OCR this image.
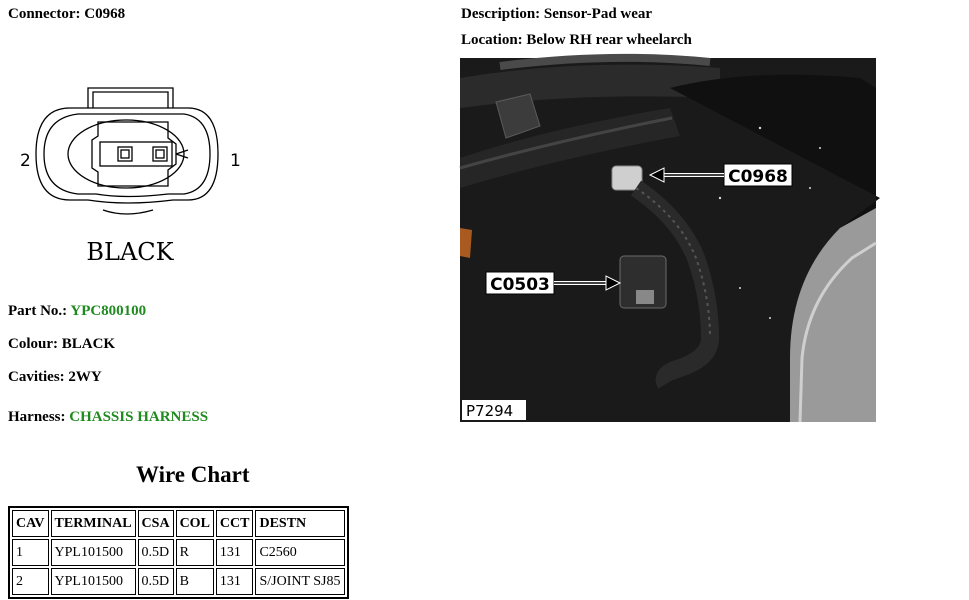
Connector: C0968	Description: Sensor-Pad wear
Location: Below RH rear wheelarch
2	1
BLACK
C0968
C0503
P7294
Part No.: YPC800100
Colour: BLACK
Cavities: 2WY
Harness: CHASSIS HARNESS
Wire Chart
CAV	TERMINAL	CSA	COL	CCT	DESTN
1	YPL101500	0.5D	R	131	C2560
2	YPL101500	0.5D	B	131	S/JOINT SJ85
